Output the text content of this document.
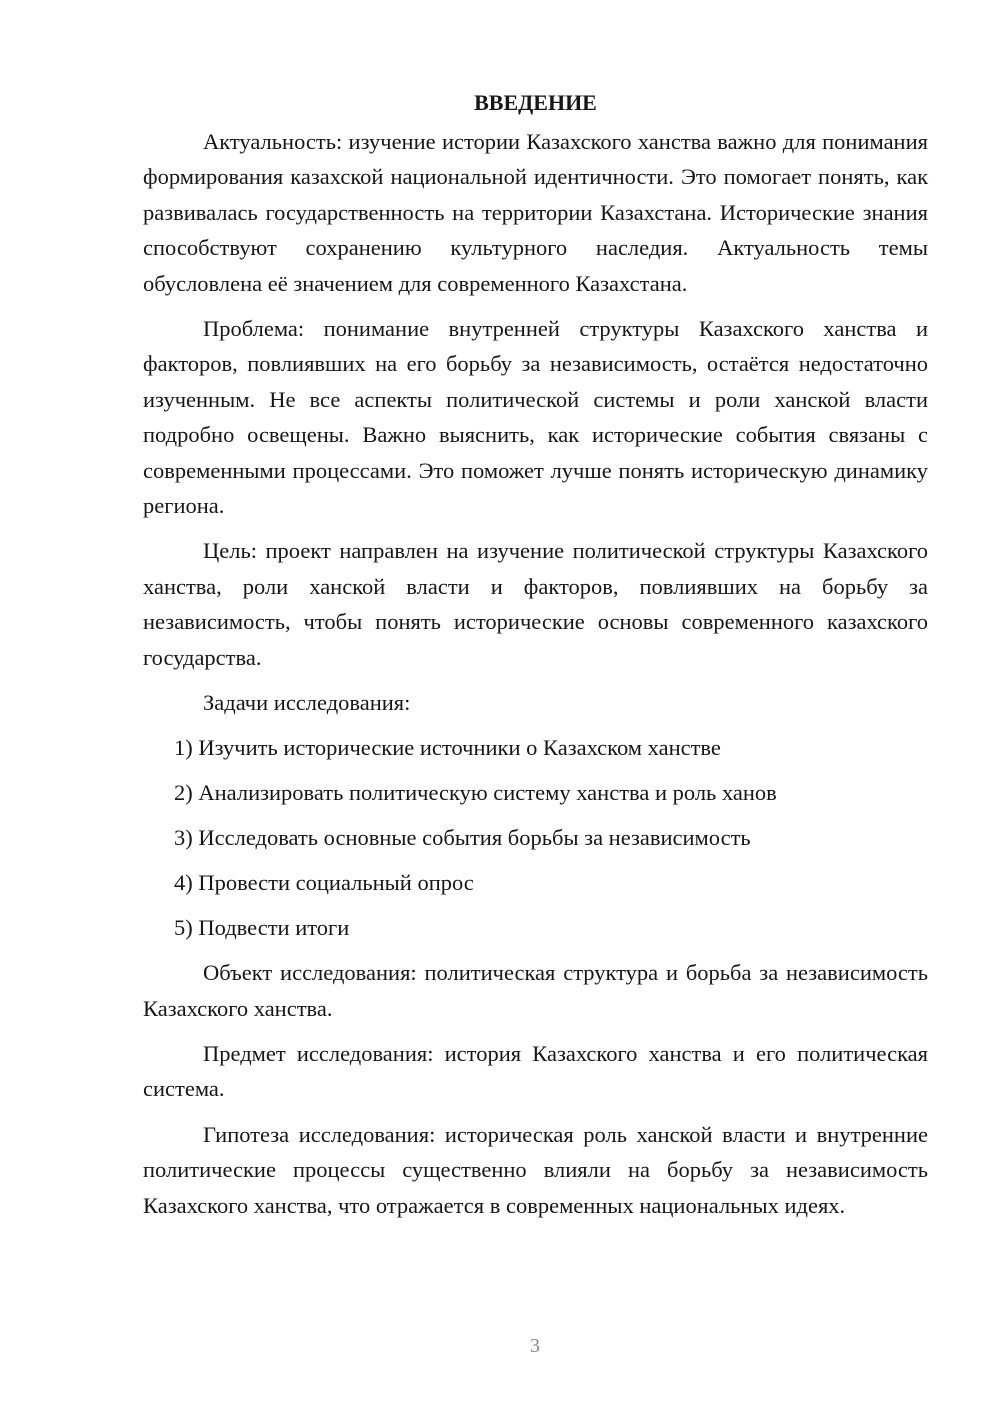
ВВЕДЕНИЕ

Актуальность: изучение истории Казахского ханства важно для понимания формирования казахской национальной идентичности. Это помогает понять, как развивалась государственность на территории Казахстана. Исторические знания способствуют сохранению культурного наследия. Актуальность темы обусловлена её значением для современного Казахстана.

Проблема: понимание внутренней структуры Казахского ханства и факторов, повлиявших на его борьбу за независимость, остаётся недостаточно изученным. Не все аспекты политической системы и роли ханской власти подробно освещены. Важно выяснить, как исторические события связаны с современными процессами. Это поможет лучше понять историческую динамику региона.

Цель: проект направлен на изучение политической структуры Казахского ханства, роли ханской власти и факторов, повлиявших на борьбу за независимость, чтобы понять исторические основы современного казахского государства.

Задачи исследования:
1) Изучить исторические источники о Казахском ханстве
2) Анализировать политическую систему ханства и роль ханов
3) Исследовать основные события борьбы за независимость
4) Провести социальный опрос
5) Подвести итоги

Объект исследования: политическая структура и борьба за независимость Казахского ханства.

Предмет исследования: история Казахского ханства и его политическая система.

Гипотеза исследования: историческая роль ханской власти и внутренние политические процессы существенно влияли на борьбу за независимость Казахского ханства, что отражается в современных национальных идеях.

3
